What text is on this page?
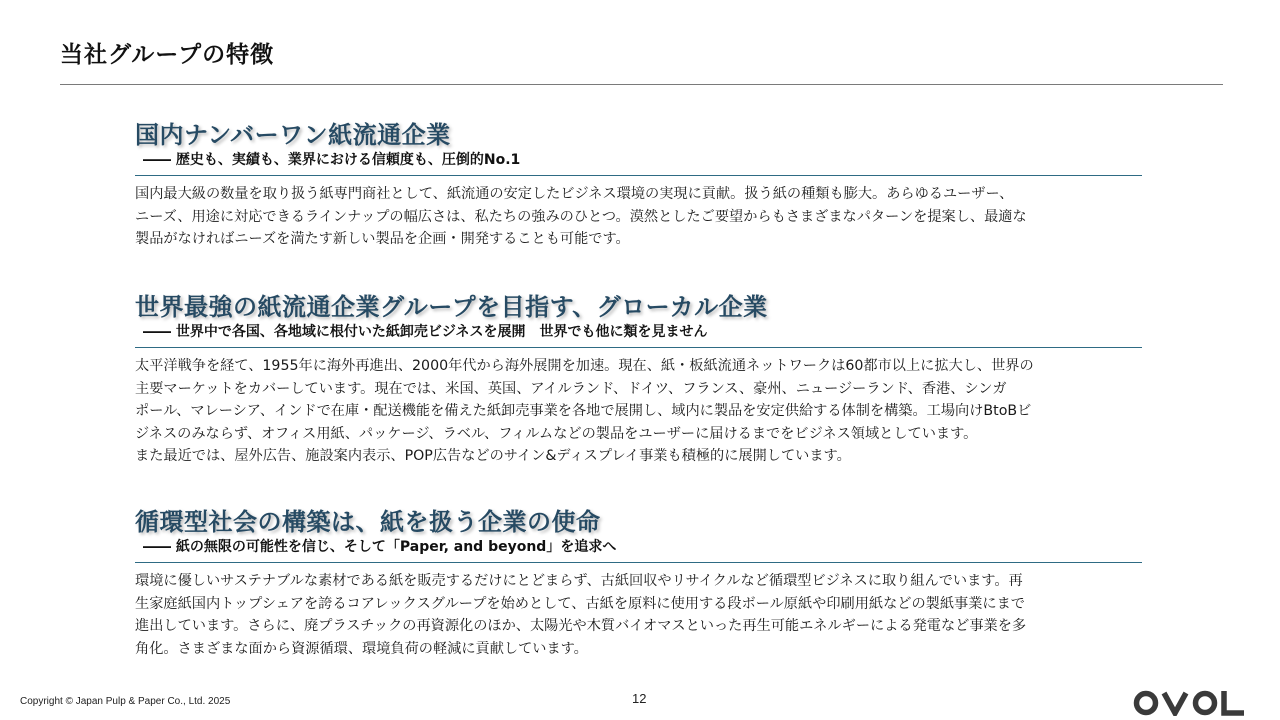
当社グループの特徴
国内ナンバーワン紙流通企業
―― 歴史も、実績も、業界における信頼度も、圧倒的No.1

国内最大級の数量を取り扱う紙専門商社として、紙流通の安定したビジネス環境の実現に貢献。扱う紙の種類も膨大。あらゆるユーザー、

ニーズ、用途に対応できるラインナップの幅広さは、私たちの強みのひとつ。漠然としたご要望からもさまざまなパターンを提案し、最適な

製品がなければニーズを満たす新しい製品を企画・開発することも可能です。

世界最強の紙流通企業グループを目指す、グローカル企業
―― 世界中で各国、各地域に根付いた紙卸売ビジネスを展開　世界でも他に類を見ません

太平洋戦争を経て、1955年に海外再進出、2000年代から海外展開を加速。現在、紙・板紙流通ネットワークは60都市以上に拡大し、世界の

主要マーケットをカバーしています。現在では、米国、英国、アイルランド、ドイツ、フランス、豪州、ニュージーランド、香港、シンガ

ポール、マレーシア、インドで在庫・配送機能を備えた紙卸売事業を各地で展開し、域内に製品を安定供給する体制を構築。工場向けBtoBビ

ジネスのみならず、オフィス用紙、パッケージ、ラベル、フィルムなどの製品をユーザーに届けるまでをビジネス領域としています。

また最近では、屋外広告、施設案内表示、POP広告などのサイン&ディスプレイ事業も積極的に展開しています。

循環型社会の構築は、紙を扱う企業の使命
―― 紙の無限の可能性を信じ、そして「Paper, and beyond」を追求へ

環境に優しいサステナブルな素材である紙を販売するだけにとどまらず、古紙回収やリサイクルなど循環型ビジネスに取り組んでいます。再

生家庭紙国内トップシェアを誇るコアレックスグループを始めとして、古紙を原料に使用する段ボール原紙や印刷用紙などの製紙事業にまで

進出しています。さらに、廃プラスチックの再資源化のほか、太陽光や木質バイオマスといった再生可能エネルギーによる発電など事業を多

角化。さまざまな面から資源循環、環境負荷の軽減に貢献しています。

Copyright © Japan Pulp & Paper Co., Ltd. 2025	12
